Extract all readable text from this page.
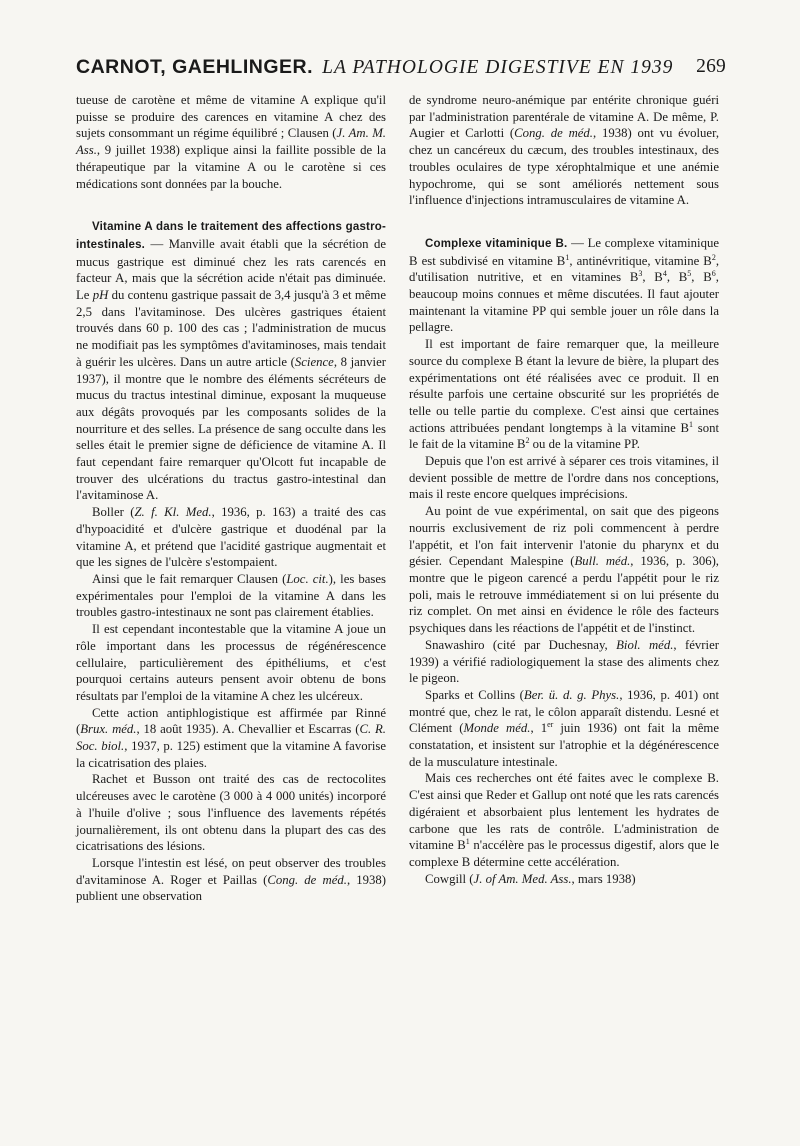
CARNOT, GAEHLINGER. LA PATHOLOGIE DIGESTIVE EN 1939 269

tueuse de carotène et même de vitamine A explique qu'il puisse se produire des carences en vitamine A chez des sujets consommant un régime équilibré ; Clausen (J. Am. M. Ass., 9 juillet 1938) explique ainsi la faillite possible de la thérapeutique par la vitamine A ou le carotène si ces médications sont données par la bouche.

Vitamine A dans le traitement des affections gastro-intestinales. — Manville avait établi que la sécrétion de mucus gastrique est diminué chez les rats carencés en facteur A, mais que la sécrétion acide n'était pas diminuée. Le pH du contenu gastrique passait de 3,4 jusqu'à 3 et même 2,5 dans l'avitaminose. Des ulcères gastriques étaient trouvés dans 60 p. 100 des cas ; l'administration de mucus ne modifiait pas les symptômes d'avitaminoses, mais tendait à guérir les ulcères. Dans un autre article (Science, 8 janvier 1937), il montre que le nombre des éléments sécréteurs de mucus du tractus intestinal diminue, exposant la muqueuse aux dégâts provoqués par les composants solides de la nourriture et des selles. La présence de sang occulte dans les selles était le premier signe de déficience de vitamine A. Il faut cependant faire remarquer qu'Olcott fut incapable de trouver des ulcérations du tractus gastro-intestinal dan l'avitaminose A.

Boller (Z. f. Kl. Med., 1936, p. 163) a traité des cas d'hypoacidité et d'ulcère gastrique et duodénal par la vitamine A, et prétend que l'acidité gastrique augmentait et que les signes de l'ulcère s'estompaient.

Ainsi que le fait remarquer Clausen (Loc. cit.), les bases expérimentales pour l'emploi de la vitamine A dans les troubles gastro-intestinaux ne sont pas clairement établies.

Il est cependant incontestable que la vitamine A joue un rôle important dans les processus de régénérescence cellulaire, particulièrement des épithéliums, et c'est pourquoi certains auteurs pensent avoir obtenu de bons résultats par l'emploi de la vitamine A chez les ulcéreux.

Cette action antiphlogistique est affirmée par Rinné (Brux. méd., 18 août 1935). A. Chevallier et Escarras (C. R. Soc. biol., 1937, p. 125) estiment que la vitamine A favorise la cicatrisation des plaies.

Rachet et Busson ont traité des cas de rectocolites ulcéreuses avec le carotène (3 000 à 4 000 unités) incorporé à l'huile d'olive ; sous l'influence des lavements répétés journalièrement, ils ont obtenu dans la plupart des cas des cicatrisations des lésions.

Lorsque l'intestin est lésé, on peut observer des troubles d'avitaminose A. Roger et Paillas (Cong. de méd., 1938) publient une observation

de syndrome neuro-anémique par entérite chronique guéri par l'administration parentérale de vitamine A. De même, P. Augier et Carlotti (Cong. de méd., 1938) ont vu évoluer, chez un cancéreux du cæcum, des troubles intestinaux, des troubles oculaires de type xérophtalmique et une anémie hypochrome, qui se sont améliorés nettement sous l'influence d'injections intramusculaires de vitamine A.

Complexe vitaminique B. — Le complexe vitaminique B est subdivisé en vitamine $B^1$, antinévritique, vitamine $B^2$, d'utilisation nutritive, et en vitamines $B^3$, $B^4$, $B^5$, $B^6$, beaucoup moins connues et même discutées. Il faut ajouter maintenant la vitamine PP qui semble jouer un rôle dans la pellagre.

Il est important de faire remarquer que, la meilleure source du complexe B étant la levure de bière, la plupart des expérimentations ont été réalisées avec ce produit. Il en résulte parfois une certaine obscurité sur les propriétés de telle ou telle partie du complexe. C'est ainsi que certaines actions attribuées pendant longtemps à la vitamine $B^1$ sont le fait de la vitamine $B^2$ ou de la vitamine PP.

Depuis que l'on est arrivé à séparer ces trois vitamines, il devient possible de mettre de l'ordre dans nos conceptions, mais il reste encore quelques imprécisions.

Au point de vue expérimental, on sait que des pigeons nourris exclusivement de riz poli commencent à perdre l'appétit, et l'on fait intervenir l'atonie du pharynx et du gésier. Cependant Malespine (Bull. méd., 1936, p. 306), montre que le pigeon carencé a perdu l'appétit pour le riz poli, mais le retrouve immédiatement si on lui présente du riz complet. On met ainsi en évidence le rôle des facteurs psychiques dans les réactions de l'appétit et de l'instinct.

Snawashiro (cité par Duchesnay, Biol. méd., février 1939) a vérifié radiologiquement la stase des aliments chez le pigeon.

Sparks et Collins (Ber. ü. d. g. Phys., 1936, p. 401) ont montré que, chez le rat, le côlon apparaît distendu. Lesné et Clément (Monde méd., 1er juin 1936) ont fait la même constatation, et insistent sur l'atrophie et la dégénérescence de la musculature intestinale.

Mais ces recherches ont été faites avec le complexe B. C'est ainsi que Reder et Gallup ont noté que les rats carencés digéraient et absorbaient plus lentement les hydrates de carbone que les rats de contrôle. L'administration de vitamine $B^1$ n'accélère pas le processus digestif, alors que le complexe B détermine cette accélération.

Cowgill (J. of Am. Med. Ass., mars 1938)
